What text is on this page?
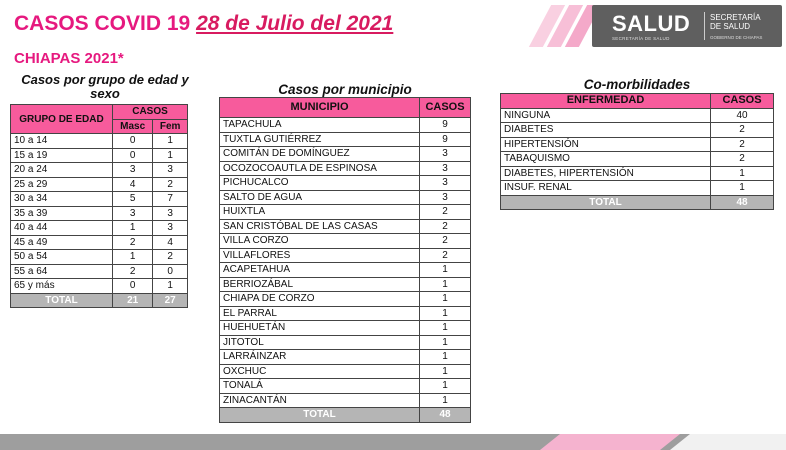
CASOS COVID 19 28 de Julio del 2021
CHIAPAS 2021*
SALUD
SECRETARÍA DE SALUD
SECRETARÍA
DE SALUD
GOBIERNO DE CHIAPAS
Casos por grupo de edad y
sexo
GRUPO DE EDAD	CASOS	
	Masc	Fem
10 a 14	0	1
15 a 19	0	1
20 a 24	3	3
25 a 29	4	2
30 a 34	5	7
35 a 39	3	3
40 a 44	1	3
45 a 49	2	4
50 a 54	1	2
55 a 64	2	0
65 y más	0	1
TOTAL	21	27
Casos por municipio
MUNICIPIO	CASOS
TAPACHULA	9
TUXTLA GUTIÉRREZ	9
COMITÁN DE DOMÍNGUEZ	3
OCOZOCOAUTLA DE ESPINOSA	3
PICHUCALCO	3
SALTO DE AGUA	3
HUIXTLA	2
SAN CRISTÓBAL DE LAS CASAS	2
VILLA CORZO	2
VILLAFLORES	2
ACAPETAHUA	1
BERRIOZÁBAL	1
CHIAPA DE CORZO	1
EL PARRAL	1
HUEHUETÁN	1
JITOTOL	1
LARRÁINZAR	1
OXCHUC	1
TONALÁ	1
ZINACANTÁN	1
TOTAL	48
Co-morbilidades
ENFERMEDAD	CASOS
NINGUNA	40
DIABETES	2
HIPERTENSIÓN	2
TABAQUISMO	2
DIABETES, HIPERTENSIÓN	1
INSUF. RENAL	1
TOTAL	48
